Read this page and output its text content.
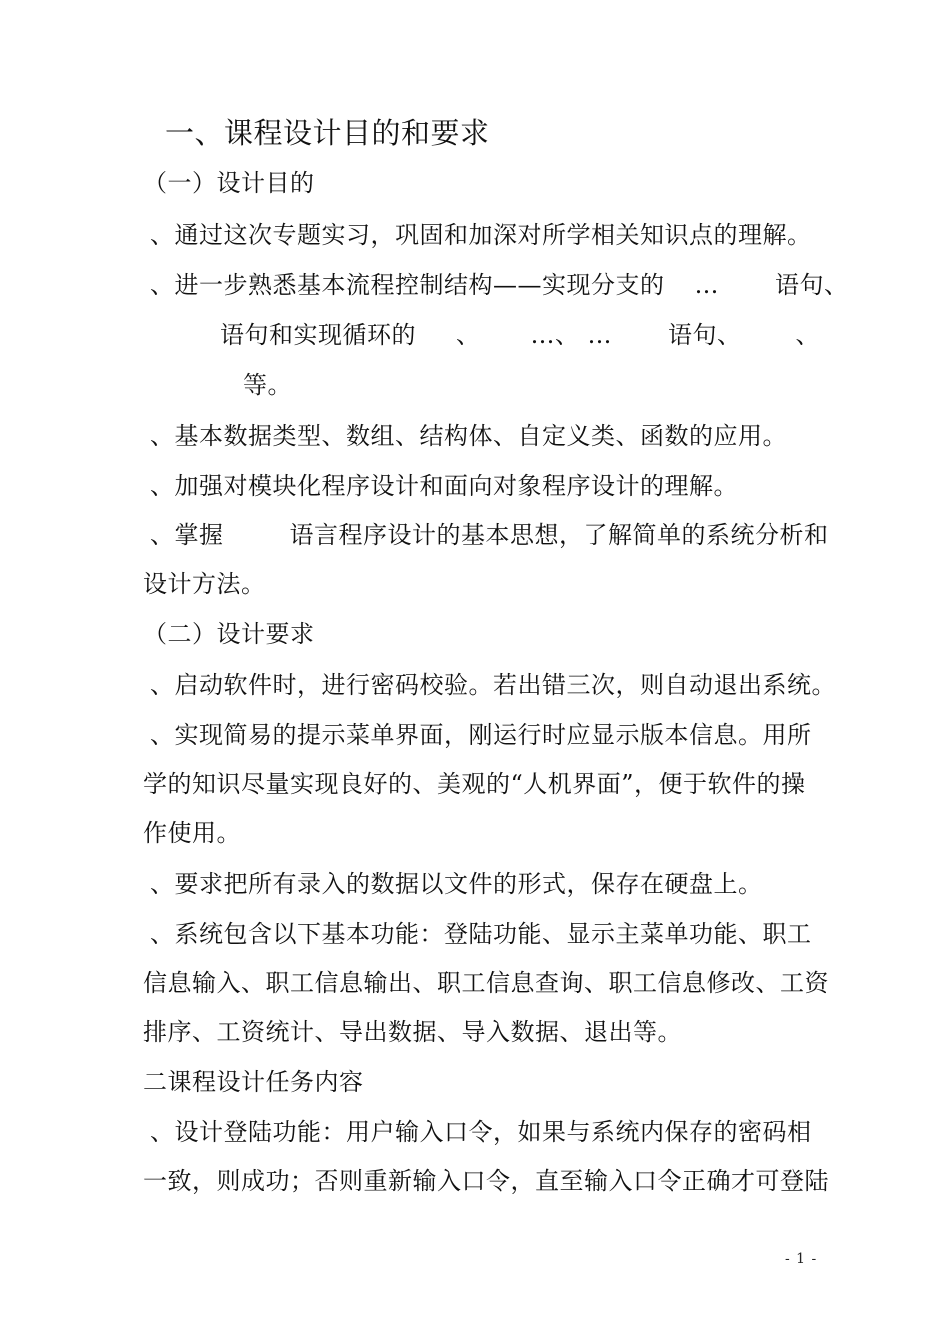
一、课程设计目的和要求
（一）设计目的
、通过这次专题实习，巩固和加深对所学相关知识点的理解。
、进一步熟悉基本流程控制结构——实现分支的 … 语句、
语句和实现循环的 、 …、 … 语句、 、
等。
、基本数据类型、数组、结构体、自定义类、函数的应用。
、加强对模块化程序设计和面向对象程序设计的理解。
、掌握	语言程序设计的基本思想，了解简单的系统分析和
设计方法。
（二）设计要求
、启动软件时，进行密码校验。若出错三次，则自动退出系统。
、实现简易的提示菜单界面，刚运行时应显示版本信息。用所
学的知识尽量实现良好的、美观的“人机界面”，便于软件的操
作使用。
、要求把所有录入的数据以文件的形式，保存在硬盘上。
、系统包含以下基本功能：登陆功能、显示主菜单功能、职工
信息输入、职工信息输出、职工信息查询、职工信息修改、工资
排序、工资统计、导出数据、导入数据、退出等。
二课程设计任务内容
、设计登陆功能：用户输入口令，如果与系统内保存的密码相
一致，则成功；否则重新输入口令，直至输入口令正确才可登陆
- 1 -
